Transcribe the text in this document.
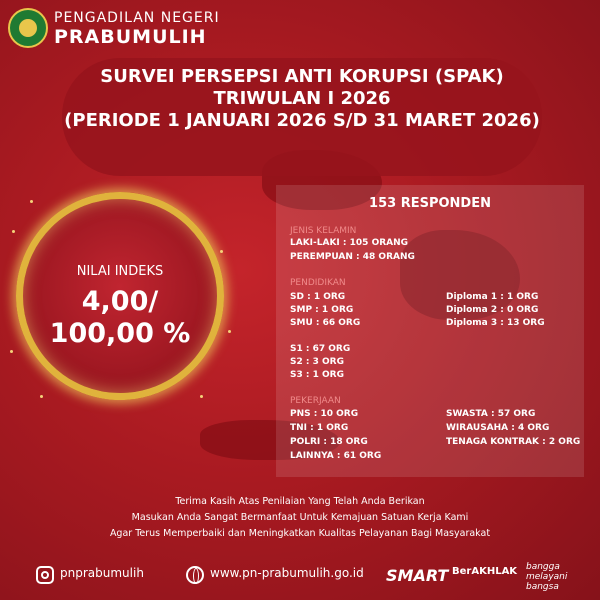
PENGADILAN NEGERI
PRABUMULIH
SURVEI PERSEPSI ANTI KORUPSI (SPAK)
TRIWULAN I 2026
(PERIODE 1 JANUARI 2026 S/D 31 MARET 2026)
NILAI INDEKS
4,00/
100,00 %
153 RESPONDEN
JENIS KELAMIN
LAKI-LAKI : 105 ORANG
PEREMPUAN : 48 ORANG
PENDIDIKAN
SD : 1 ORG
SMP : 1 ORG
SMU : 66 ORG
Diploma 1 : 1 ORG
Diploma 2 : 0 ORG
Diploma 3 : 13 ORG
S1 : 67 ORG
S2 : 3 ORG
S3 : 1 ORG
PEKERJAAN
PNS : 10 ORG
TNI : 1 ORG
POLRI : 18 ORG
LAINNYA : 61 ORG
SWASTA : 57 ORG
WIRAUSAHA : 4 ORG
TENAGA KONTRAK : 2 ORG
Terima Kasih Atas Penilaian Yang Telah Anda Berikan
Masukan Anda Sangat Bermanfaat Untuk Kemajuan Satuan Kerja Kami
Agar Terus Memperbaiki dan Meningkatkan Kualitas Pelayanan Bagi Masyarakat
pnprabumulih	www.pn-prabumulih.go.id SMART BerAKHLAK bangga melayani bangsa
